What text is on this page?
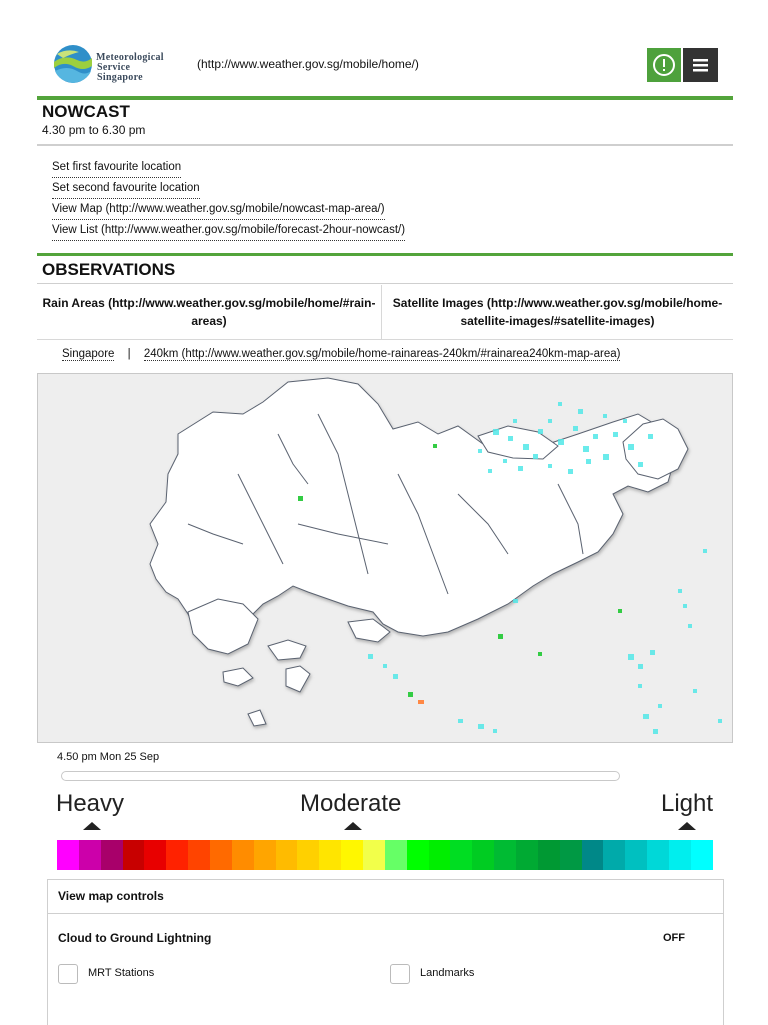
Meteorological
Service
Singapore
(http://www.weather.gov.sg/mobile/home/)
NOWCAST
4.30 pm to 6.30 pm
Set first favourite location
Set second favourite location
View Map (http://www.weather.gov.sg/mobile/nowcast-map-area/)
View List (http://www.weather.gov.sg/mobile/forecast-2hour-nowcast/)
OBSERVATIONS
Rain Areas (http://www.weather.gov.sg/mobile/home/#rain-areas)
Satellite Images (http://www.weather.gov.sg/mobile/home-satellite-images/#satellite-images)
Singapore | 240km (http://www.weather.gov.sg/mobile/home-rainareas-240km/#rainarea240km-map-area)
4.50 pm Mon 25 Sep
Heavy	Moderate	Light
View map controls
Cloud to Ground Lightning	OFF
MRT Stations	Landmarks
